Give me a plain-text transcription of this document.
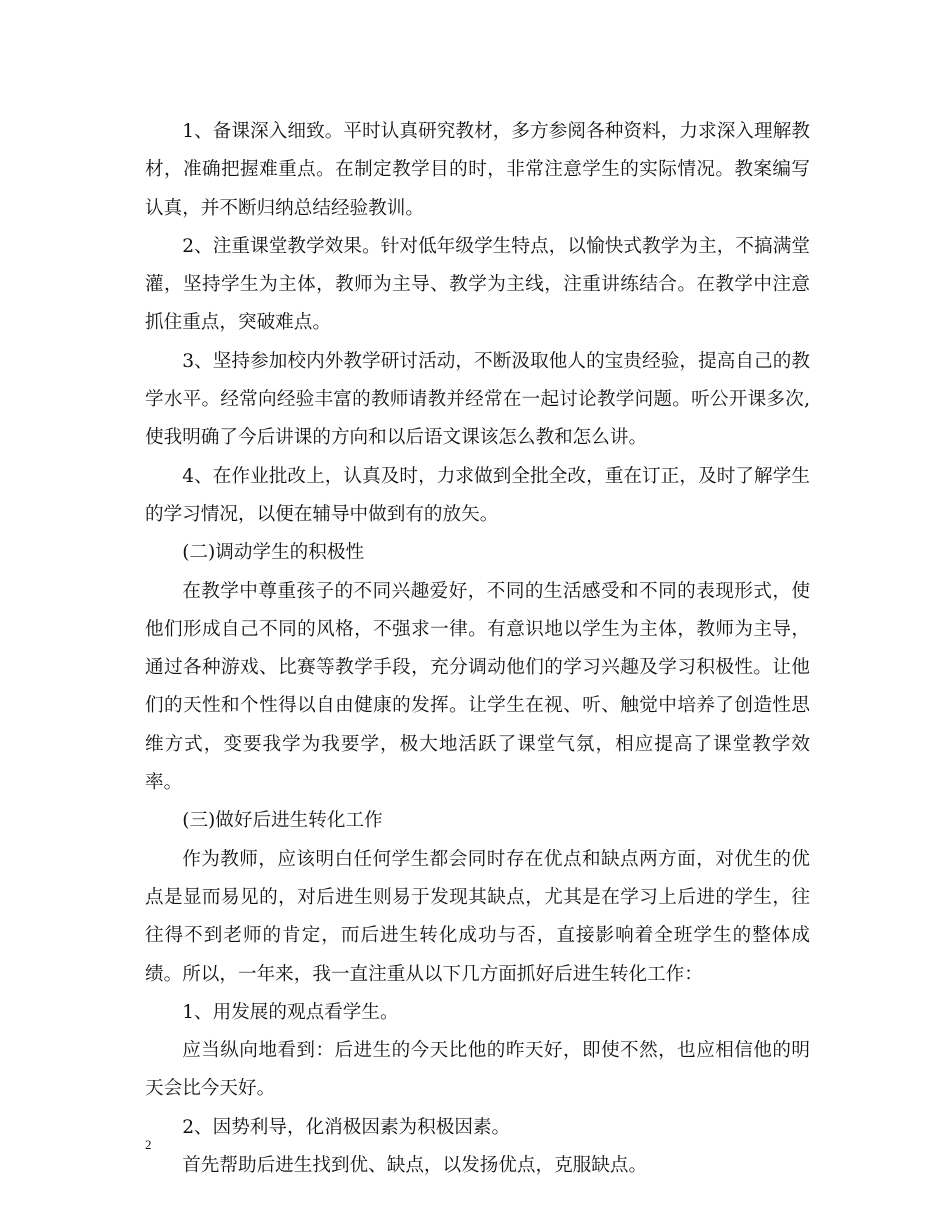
1、备课深入细致。平时认真研究教材，多方参阅各种资料，力求深入理解教材，准确把握难重点。在制定教学目的时，非常注意学生的实际情况。教案编写认真，并不断归纳总结经验教训。

2、注重课堂教学效果。针对低年级学生特点，以愉快式教学为主，不搞满堂灌，坚持学生为主体，教师为主导、教学为主线，注重讲练结合。在教学中注意抓住重点，突破难点。

3、坚持参加校内外教学研讨活动，不断汲取他人的宝贵经验，提高自己的教学水平。经常向经验丰富的教师请教并经常在一起讨论教学问题。听公开课多次,使我明确了今后讲课的方向和以后语文课该怎么教和怎么讲。

4、在作业批改上，认真及时，力求做到全批全改，重在订正，及时了解学生的学习情况，以便在辅导中做到有的放矢。

(二)调动学生的积极性

在教学中尊重孩子的不同兴趣爱好，不同的生活感受和不同的表现形式，使他们形成自己不同的风格，不强求一律。有意识地以学生为主体，教师为主导，通过各种游戏、比赛等教学手段，充分调动他们的学习兴趣及学习积极性。让他们的天性和个性得以自由健康的发挥。让学生在视、听、触觉中培养了创造性思维方式，变要我学为我要学，极大地活跃了课堂气氛，相应提高了课堂教学效率。

(三)做好后进生转化工作

作为教师，应该明白任何学生都会同时存在优点和缺点两方面，对优生的优点是显而易见的，对后进生则易于发现其缺点，尤其是在学习上后进的学生，往往得不到老师的肯定，而后进生转化成功与否，直接影响着全班学生的整体成绩。所以，一年来，我一直注重从以下几方面抓好后进生转化工作：

1、用发展的观点看学生。

应当纵向地看到：后进生的今天比他的昨天好，即使不然，也应相信他的明天会比今天好。

2、因势利导，化消极因素为积极因素。

首先帮助后进生找到优、缺点，以发扬优点，克服缺点。

2
